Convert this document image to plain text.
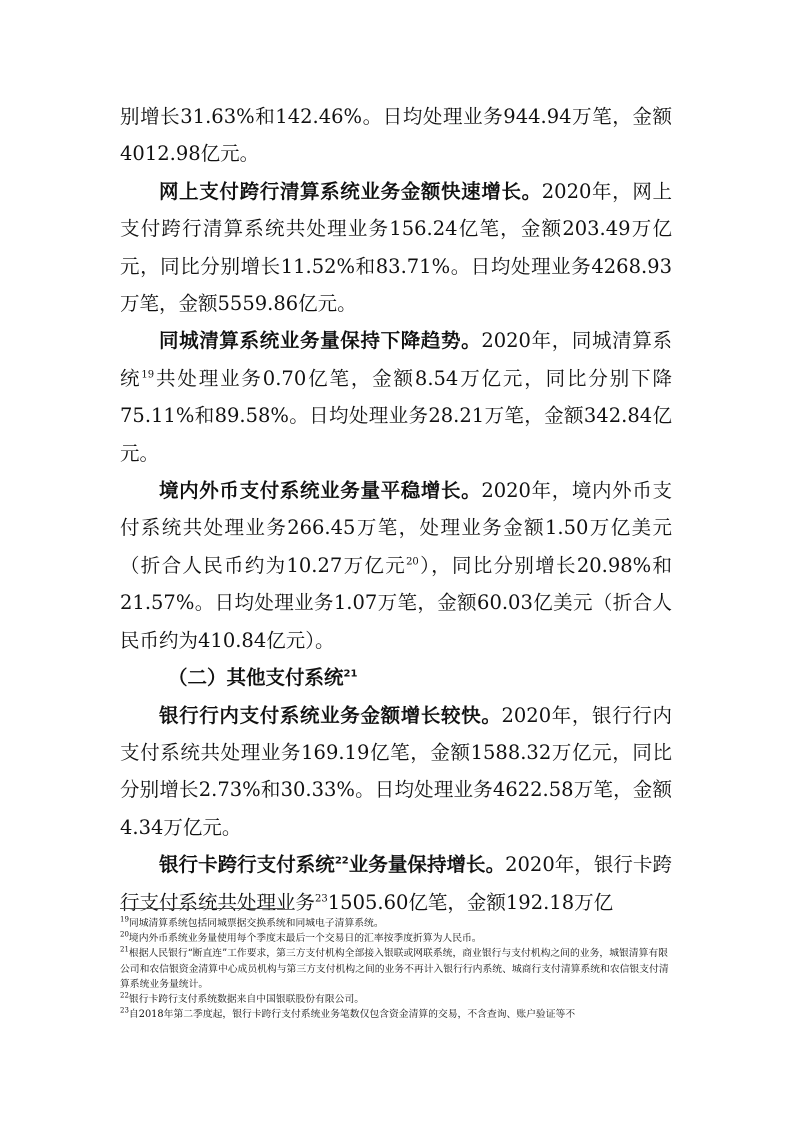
别增长31.63%和142.46%。日均处理业务944.94万笔，金额4012.98亿元。

网上支付跨行清算系统业务金额快速增长。2020年，网上支付跨行清算系统共处理业务156.24亿笔，金额203.49万亿元，同比分别增长11.52%和83.71%。日均处理业务4268.93万笔，金额5559.86亿元。

同城清算系统业务量保持下降趋势。2020年，同城清算系统$^{19}$共处理业务0.70亿笔，金额8.54万亿元，同比分别下降75.11%和89.58%。日均处理业务28.21万笔，金额342.84亿元。

境内外币支付系统业务量平稳增长。2020年，境内外币支付系统共处理业务266.45万笔，处理业务金额1.50万亿美元（折合人民币约为10.27万亿元$^{20}$），同比分别增长20.98%和21.57%。日均处理业务1.07万笔，金额60.03亿美元（折合人民币约为410.84亿元）。

（二）其他支付系统$^{21}$

银行行内支付系统业务金额增长较快。2020年，银行行内支付系统共处理业务169.19亿笔，金额1588.32万亿元，同比分别增长2.73%和30.33%。日均处理业务4622.58万笔，金额4.34万亿元。

银行卡跨行支付系统$^{22}$业务量保持增长。2020年，银行卡跨行支付系统共处理业务$^{23}$1505.60亿笔，金额192.18万亿

$^{19}$同城清算系统包括同城票据交换系统和同城电子清算系统。

$^{20}$境内外币系统业务量使用每个季度末最后一个交易日的汇率按季度折算为人民币。

$^{21}$根据人民银行“断直连”工作要求，第三方支付机构全部接入银联或网联系统，商业银行与支付机构之间的业务，城银清算有限公司和农信银资金清算中心成员机构与第三方支付机构之间的业务不再计入银行行内系统、城商行支付清算系统和农信银支付清算系统业务量统计。

$^{22}$银行卡跨行支付系统数据来自中国银联股份有限公司。

$^{23}$自2018年第二季度起，银行卡跨行支付系统业务笔数仅包含资金清算的交易，不含查询、账户验证等不
